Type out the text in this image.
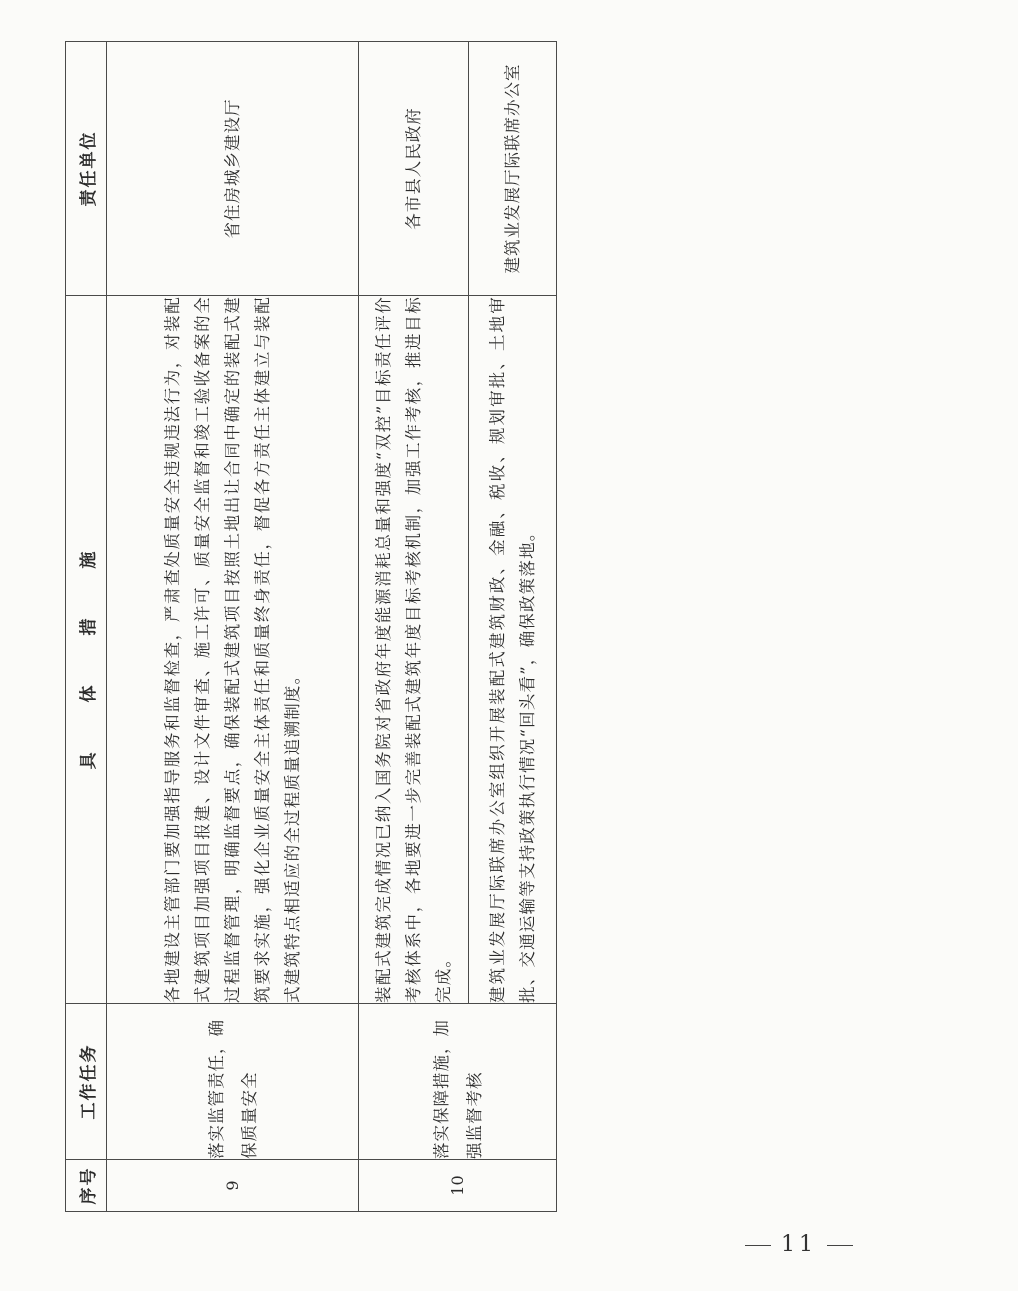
序号	工作任务	具 体 措 施	责任单位
9	落实监管责任，确保质量安全	各地建设主管部门要加强指导服务和监督检查，严肃查处质量安全违规违法行为，对装配式建筑项目加强项目报建、设计文件审查、施工许可、质量安全监督和竣工验收备案的全过程监督管理，明确监督要点，确保装配式建筑项目按照土地出让合同中确定的装配式建筑要求实施，强化企业质量安全主体责任和质量终身责任，督促各方责任主体建立与装配式建筑特点相适应的全过程质量追溯制度。	省住房城乡建设厅
10	落实保障措施，加强监督考核	装配式建筑完成情况已纳入国务院对省政府年度能源消耗总量和强度“双控”目标责任评价考核体系中，各地要进一步完善装配式建筑年度目标考核机制，加强工作考核，推进目标完成。	各市县人民政府
		建筑业发展厅际联席办公室组织开展装配式建筑财政、金融、税收、规划审批、土地审批、交通运输等支持政策执行情况“回头看”，确保政策落地。	建筑业发展厅际联席办公室
11
